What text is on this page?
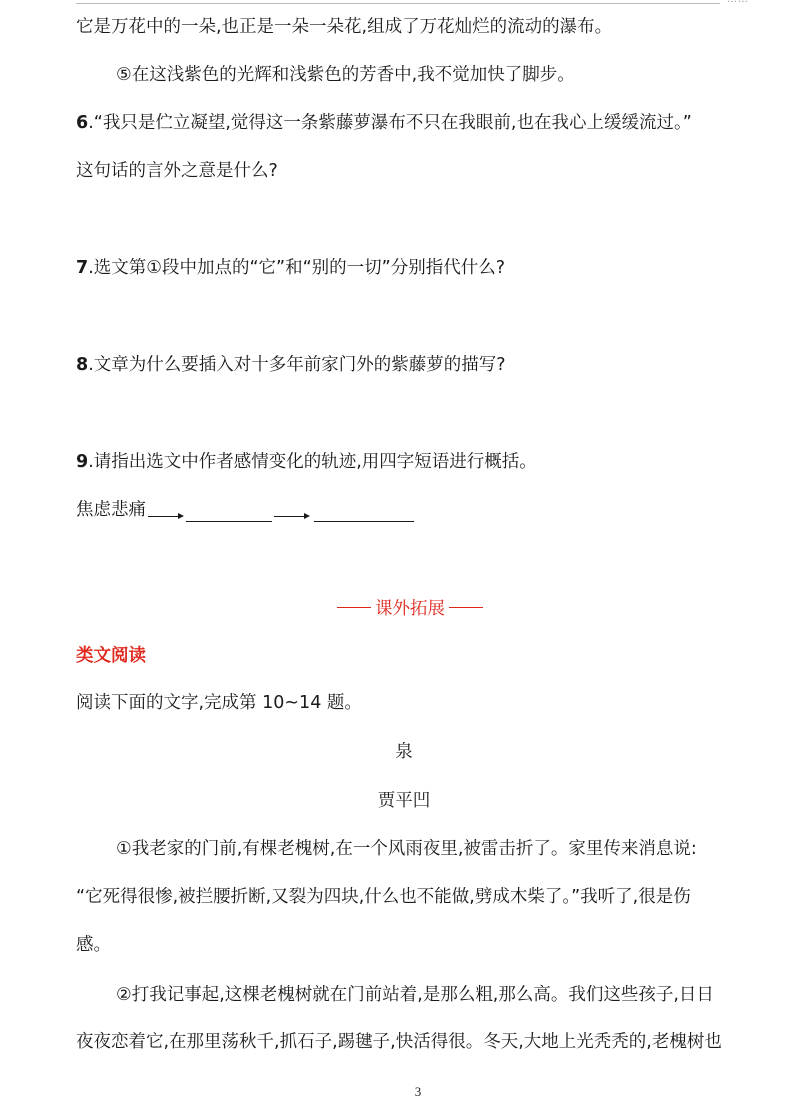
它是万花中的一朵,也正是一朵一朵花,组成了万花灿烂的流动的瀑布。
⑤在这浅紫色的光辉和浅紫色的芳香中,我不觉加快了脚步。
6.“我只是伫立凝望,觉得这一条紫藤萝瀑布不只在我眼前,也在我心上缓缓流过。”
这句话的言外之意是什么?
7.选文第①段中加点的“它”和“别的一切”分别指代什么?
8.文章为什么要插入对十多年前家门外的紫藤萝的描写?
9.请指出选文中作者感情变化的轨迹,用四字短语进行概括。
焦虑悲痛
课外拓展
类文阅读
阅读下面的文字,完成第 10~14 题。
泉
贾平凹
①我老家的门前,有棵老槐树,在一个风雨夜里,被雷击折了。家里传来消息说:
“它死得很惨,被拦腰折断,又裂为四块,什么也不能做,劈成木柴了。”我听了,很是伤
感。
②打我记事起,这棵老槐树就在门前站着,是那么粗,那么高。我们这些孩子,日日
夜夜恋着它,在那里荡秋千,抓石子,踢毽子,快活得很。冬天,大地上光秃秃的,老槐树也
3
